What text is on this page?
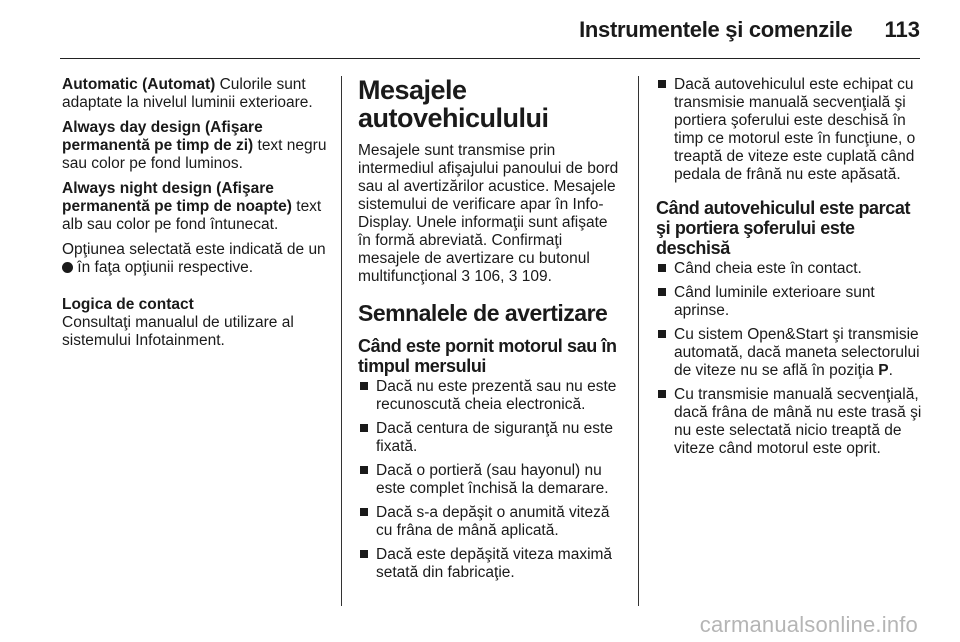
Instrumentele şi comenzile 113
Automatic (Automat) Culorile sunt adaptate la nivelul luminii exterioare.
Always day design (Afişare permanentă pe timp de zi) text negru sau color pe fond luminos.
Always night design (Afişare permanentă pe timp de noapte) text alb sau color pe fond întunecat.

Opţiunea selectată este indicată de un  în faţa opţiunii respective.

Logica de contact
Consultaţi manualul de utilizare al sistemului Infotainment.
Mesajele autovehiculului

Mesajele sunt transmise prin intermediul afişajului panoului de bord sau al avertizărilor acustice. Mesajele sistemului de verificare apar în Info-Display. Unele informaţii sunt afişate în formă abreviată. Confirmaţi mesajele de avertizare cu butonul multifuncţional 3 106, 3 109.

Semnalele de avertizare
Când este pornit motorul sau în timpul mersului
Dacă nu este prezentă sau nu este recunoscută cheia electronică.
Dacă centura de siguranţă nu este fixată.
Dacă o portieră (sau hayonul) nu este complet închisă la demarare.
Dacă s-a depăşit o anumită viteză cu frâna de mână aplicată.
Dacă este depăşită viteza maximă setată din fabricaţie.
Dacă autovehiculul este echipat cu transmisie manuală secvenţială şi portiera şoferului este deschisă în timp ce motorul este în funcţiune, o treaptă de viteze este cuplată când pedala de frână nu este apăsată.
Când autovehiculul este parcat şi portiera şoferului este deschisă
Când cheia este în contact.
Când luminile exterioare sunt aprinse.
Cu sistem Open&Start şi transmisie automată, dacă maneta selectorului de viteze nu se află în poziţia P.
Cu transmisie manuală secvenţială, dacă frâna de mână nu este trasă şi nu este selectată nicio treaptă de viteze când motorul este oprit.
carmanualsonline.info
